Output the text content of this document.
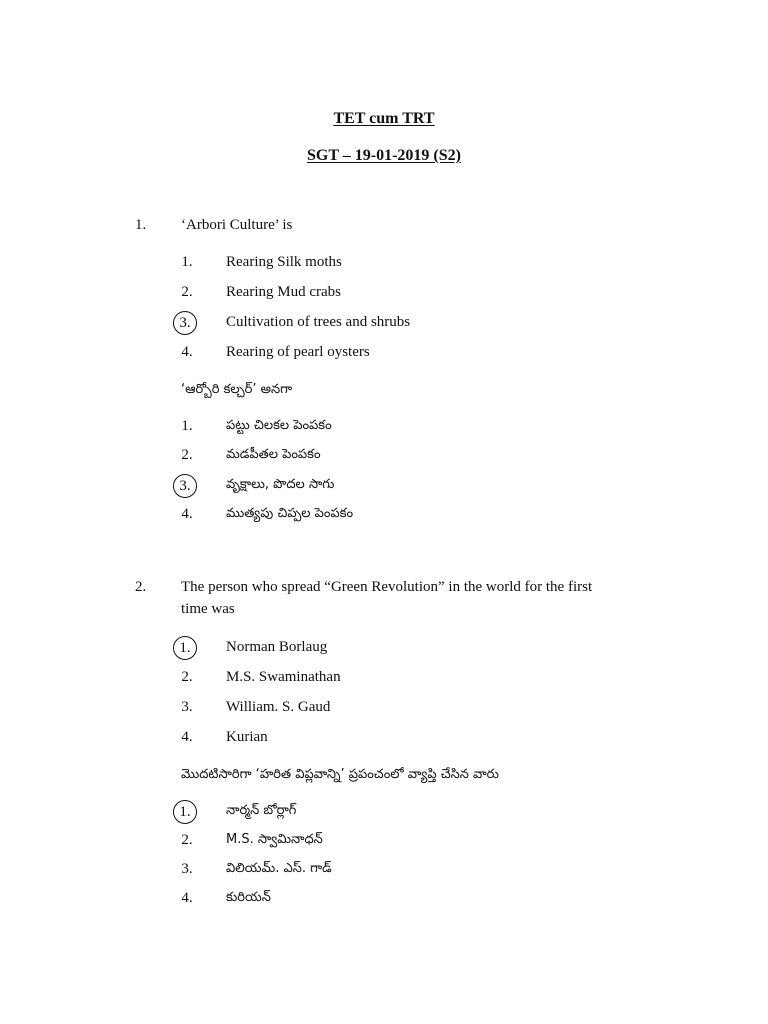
TET cum TRT
SGT – 19-01-2019 (S2)
1. ‘Arbori Culture’ is
1.	Rearing Silk moths
2.	Rearing Mud crabs
3.	Cultivation of trees and shrubs
4.	Rearing of pearl oysters
‘ఆర్బోరి కల్చర్’ అనగా
1.	పట్టు చిలకల పెంపకం
2.	మడపీతల పెంపకం
3.	వృక్షాలు, పొదల సాగు
4.	ముత్యపు చిప్పల పెంపకం
2. The person who spread “Green Revolution” in the world for the first
time was
1.	Norman Borlaug
2.	M.S. Swaminathan
3.	William. S. Gaud
4.	Kurian
మొదటిసారిగా ‘హరిత విప్లవాన్ని’ ప్రపంచంలో వ్యాప్తి చేసిన వారు
1.	నార్మన్ బోర్లాగ్
2.	M.S. స్వామినాధన్
3.	విలియమ్. ఎస్. గాడ్
4.	కురియన్
